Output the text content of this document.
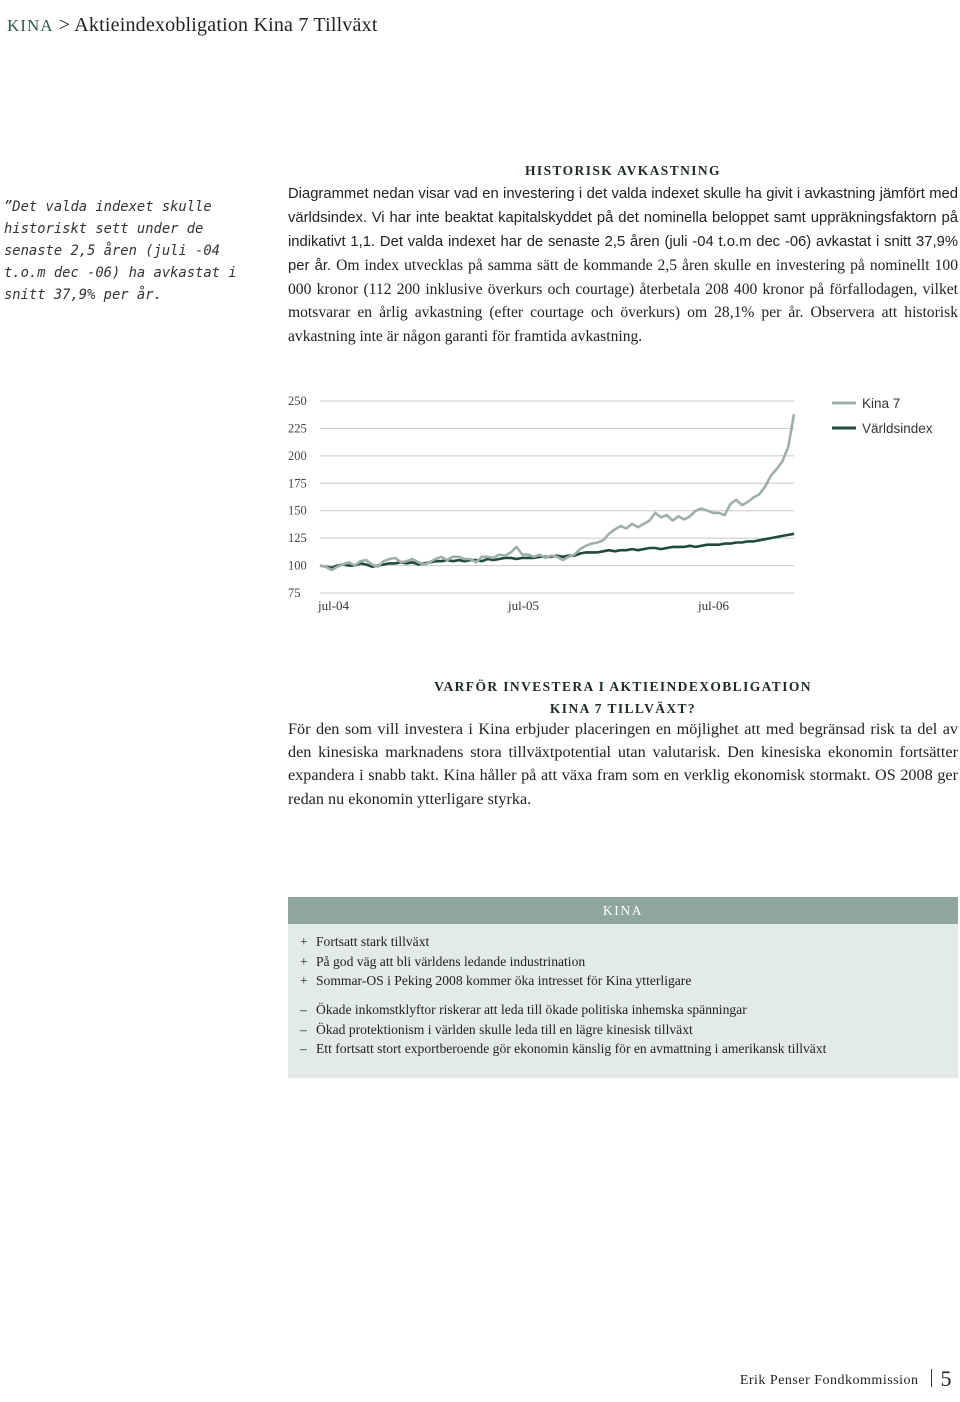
KINA > Aktieindexobligation Kina 7 Tillväxt
”Det valda indexet skulle historiskt sett under de senaste 2,5 åren (juli -04 t.o.m dec -06) ha avkastat i snitt 37,9% per år.
HISTORISK AVKASTNING
Diagrammet nedan visar vad en investering i det valda indexet skulle ha givit i avkastning jämfört med världsindex. Vi har inte beaktat kapitalskyddet på det nominella beloppet samt uppräkningsfaktorn på indikativt 1,1. Det valda indexet har de senaste 2,5 åren (juli -04 t.o.m dec -06) avkastat i snitt 37,9% per år. Om index utvecklas på samma sätt de kommande 2,5 åren skulle en investering på nominellt 100 000 kronor (112 200 inklusive överkurs och courtage) återbetala 208 400 kronor på förfallodagen, vilket motsvarar en årlig avkastning (efter courtage och överkurs) om 28,1% per år. Observera att historisk avkastning inte är någon garanti för framtida avkastning.
250
225
200
175
150
125
100
75
jul-04	jul-05	jul-06
Kina 7
Världsindex
VARFÖR INVESTERA I AKTIEINDEXOBLIGATION
KINA 7 TILLVÄXT?
För den som vill investera i Kina erbjuder placeringen en möjlighet att med begränsad risk ta del av den kinesiska marknadens stora tillväxtpotential utan valutarisk. Den kinesiska ekonomin fortsätter expandera i snabb takt. Kina håller på att växa fram som en verklig ekonomisk stormakt. OS 2008 ger redan nu ekonomin ytterligare styrka.
KINA
+ Fortsatt stark tillväxt
+ På god väg att bli världens ledande industrination
+ Sommar-OS i Peking 2008 kommer öka intresset för Kina ytterligare
– Ökade inkomstklyftor riskerar att leda till ökade politiska inhemska spänningar
– Ökad protektionism i världen skulle leda till en lägre kinesisk tillväxt
– Ett fortsatt stort exportberoende gör ekonomin känslig för en avmattning i amerikansk tillväxt
Erik Penser Fondkommission 5
